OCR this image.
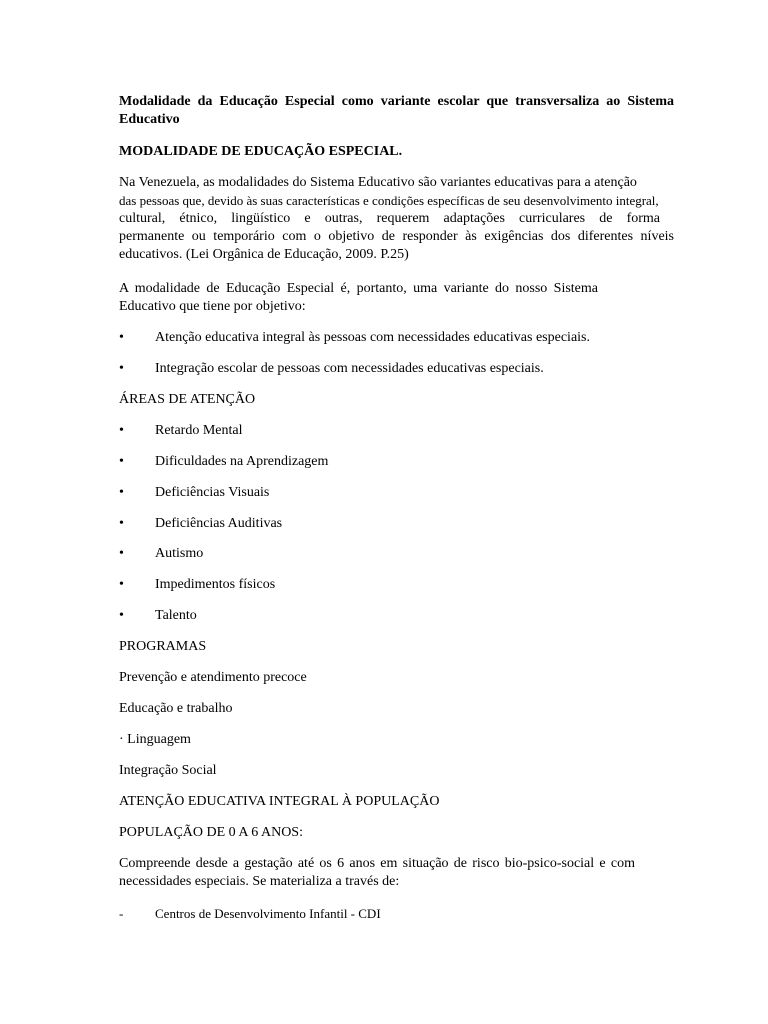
Modalidade da Educação Especial como variante escolar que transversaliza ao Sistema Educativo
MODALIDADE DE EDUCAÇÃO ESPECIAL.
Na Venezuela, as modalidades do Sistema Educativo são variantes educativas para a atenção
das pessoas que, devido às suas características e condições específicas de seu desenvolvimento integral,
cultural, étnico, lingüístico e outras, requerem adaptações curriculares de forma
permanente ou temporário com o objetivo de responder às exigências dos diferentes níveis
educativos. (Lei Orgânica de Educação, 2009. P.25)
A modalidade de Educação Especial é, portanto, uma variante do nosso Sistema
Educativo que tiene por objetivo:
• Atenção educativa integral às pessoas com necessidades educativas especiais.
• Integração escolar de pessoas com necessidades educativas especiais.
ÁREAS DE ATENÇÃO
• Retardo Mental
• Dificuldades na Aprendizagem
• Deficiências Visuais
• Deficiências Auditivas
• Autismo
• Impedimentos físicos
• Talento
PROGRAMAS
Prevenção e atendimento precoce
Educação e trabalho
· Linguagem
Integração Social
ATENÇÃO EDUCATIVA INTEGRAL À POPULAÇÃO
POPULAÇÃO DE 0 A 6 ANOS:
Compreende desde a gestação até os 6 anos em situação de risco bio-psico-social e com
necessidades especiais. Se materializa a través de:
- Centros de Desenvolvimento Infantil - CDI
